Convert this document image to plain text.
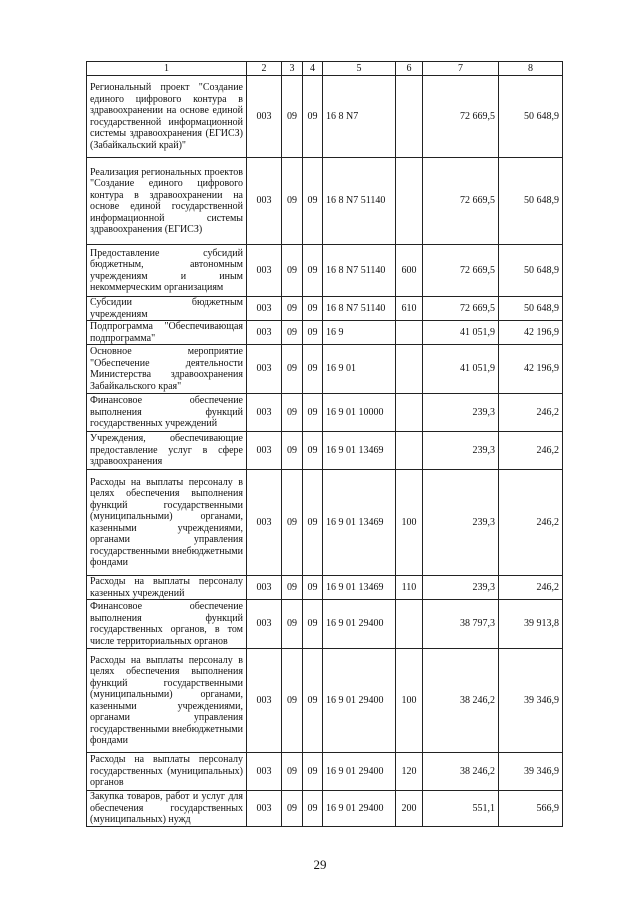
1	2	3	4	5	6	7	8
Региональный проект "Создание единого цифрового контура в здравоохранении на основе единой государственной информационной системы здравоохранения (ЕГИСЗ) (Забайкальский край)"	003	09	09	16 8 N7		72 669,5	50 648,9
Реализация региональных проектов "Создание единого цифрового контура в здравоохранении на основе единой государственной информационной системы здравоохранения (ЕГИСЗ)	003	09	09	16 8 N7 51140		72 669,5	50 648,9
Предоставление субсидий бюджетным, автономным учреждениям и иным некоммерческим организациям	003	09	09	16 8 N7 51140	600	72 669,5	50 648,9
Субсидии бюджетным учреждениям	003	09	09	16 8 N7 51140	610	72 669,5	50 648,9
Подпрограмма "Обеспечивающая подпрограмма"	003	09	09	16 9		41 051,9	42 196,9
Основное мероприятие "Обеспечение деятельности Министерства здравоохранения Забайкальского края"	003	09	09	16 9 01		41 051,9	42 196,9
Финансовое обеспечение выполнения функций государственных учреждений	003	09	09	16 9 01 10000		239,3	246,2
Учреждения, обеспечивающие предоставление услуг в сфере здравоохранения	003	09	09	16 9 01 13469		239,3	246,2
Расходы на выплаты персоналу в целях обеспечения выполнения функций государственными (муниципальными) органами, казенными учреждениями, органами управления государственными внебюджетными фондами	003	09	09	16 9 01 13469	100	239,3	246,2
Расходы на выплаты персоналу казенных учреждений	003	09	09	16 9 01 13469	110	239,3	246,2
Финансовое обеспечение выполнения функций государственных органов, в том числе территориальных органов	003	09	09	16 9 01 29400		38 797,3	39 913,8
Расходы на выплаты персоналу в целях обеспечения выполнения функций государственными (муниципальными) органами, казенными учреждениями, органами управления государственными внебюджетными фондами	003	09	09	16 9 01 29400	100	38 246,2	39 346,9
Расходы на выплаты персоналу государственных (муниципальных) органов	003	09	09	16 9 01 29400	120	38 246,2	39 346,9
Закупка товаров, работ и услуг для обеспечения государственных (муниципальных) нужд	003	09	09	16 9 01 29400	200	551,1	566,9
29
